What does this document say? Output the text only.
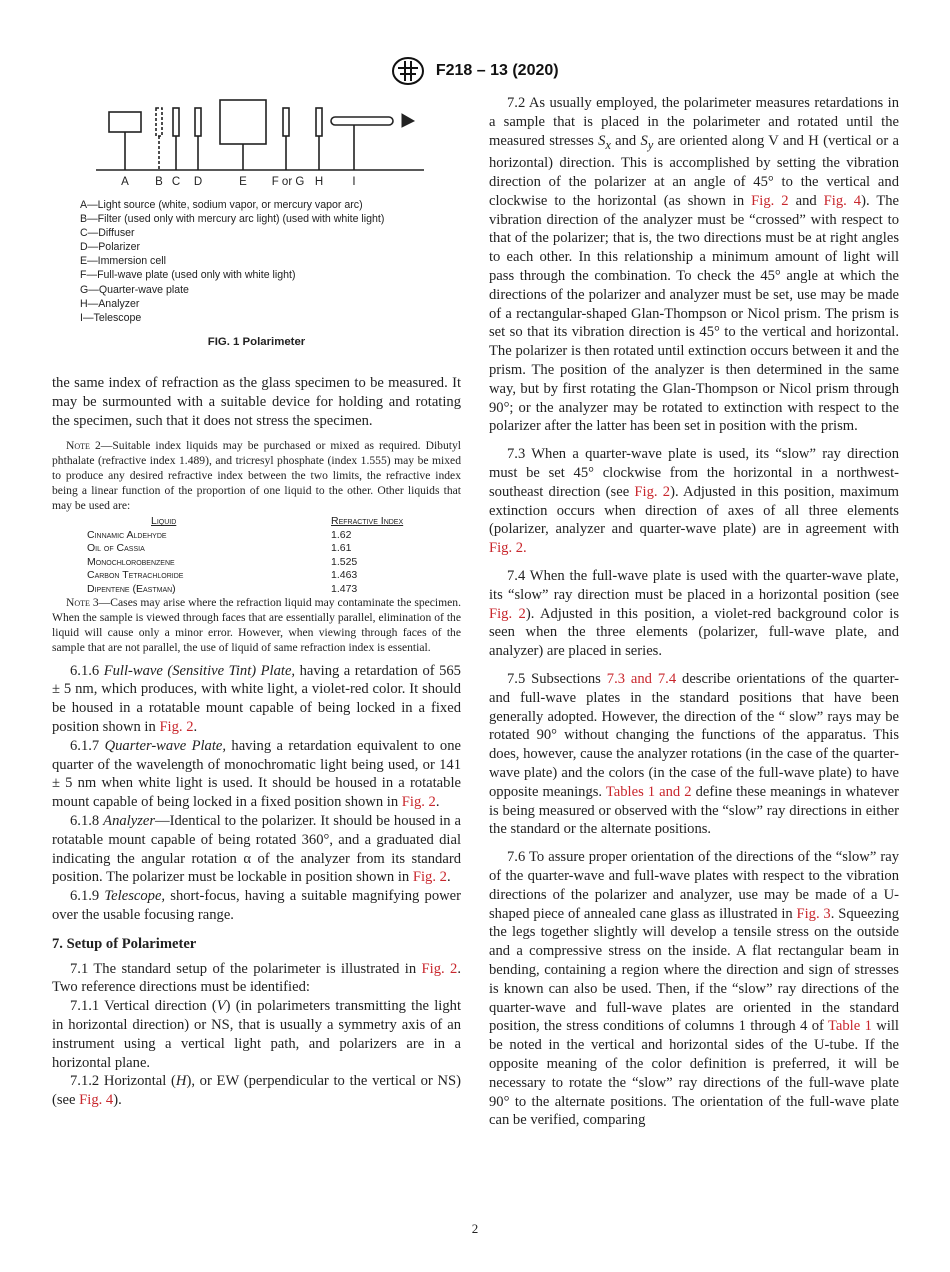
F218 – 13 (2020)
A B C D	E F or G H	I
A—Light source (white, sodium vapor, or mercury vapor arc)
B—Filter (used only with mercury arc light) (used with white light)
C—Diffuser
D—Polarizer
E—Immersion cell
F—Full-wave plate (used only with white light)
G—Quarter-wave plate
H—Analyzer
I—Telescope
FIG. 1 Polarimeter

the same index of refraction as the glass specimen to be measured. It may be surmounted with a suitable device for holding and rotating the specimen, such that it does not stress the specimen.

Note 2—Suitable index liquids may be purchased or mixed as required. Dibutyl phthalate (refractive index 1.489), and tricresyl phosphate (index 1.555) may be mixed to produce any desired refractive index between the two limits, the refractive index being a linear function of the proportion of one liquid to the other. Other liquids that may be used are:

Liquid	Refractive Index
Cinnamic Aldehyde	1.62
Oil of Cassia	1.61
Monochlorobenzene	1.525
Carbon Tetrachloride	1.463
Dipentene (Eastman)	1.473

Note 3—Cases may arise where the refraction liquid may contaminate the specimen. When the sample is viewed through faces that are essentially parallel, elimination of the liquid will cause only a minor error. However, when viewing through faces of the sample that are not parallel, the use of liquid of same refraction index is essential.

6.1.6 Full-wave (Sensitive Tint) Plate, having a retardation of 565 ± 5 nm, which produces, with white light, a violet-red color. It should be housed in a rotatable mount capable of being locked in a fixed position shown in Fig. 2.

6.1.7 Quarter-wave Plate, having a retardation equivalent to one quarter of the wavelength of monochromatic light being used, or 141 ± 5 nm when white light is used. It should be housed in a rotatable mount capable of being locked in a fixed position shown in Fig. 2.

6.1.8 Analyzer—Identical to the polarizer. It should be housed in a rotatable mount capable of being rotated 360°, and a graduated dial indicating the angular rotation α of the analyzer from its standard position. The polarizer must be lockable in position shown in Fig. 2.

6.1.9 Telescope, short-focus, having a suitable magnifying power over the usable focusing range.

7. Setup of Polarimeter

7.1 The standard setup of the polarimeter is illustrated in Fig. 2. Two reference directions must be identified:

7.1.1 Vertical direction (V) (in polarimeters transmitting the light in horizontal direction) or NS, that is usually a symmetry axis of an instrument using a vertical light path, and polarizers are in a horizontal plane.

7.1.2 Horizontal (H), or EW (perpendicular to the vertical or NS) (see Fig. 4).

7.2 As usually employed, the polarimeter measures retardations in a sample that is placed in the polarimeter and rotated until the measured stresses $S_x$ and $S_y$ are oriented along V and H (vertical or a horizontal) direction. This is accomplished by setting the vibration direction of the polarizer at an angle of 45° to the vertical and clockwise to the horizontal (as shown in Fig. 2 and Fig. 4). The vibration direction of the analyzer must be “crossed” with respect to that of the polarizer; that is, the two directions must be at right angles to each other. In this relationship a minimum amount of light will pass through the combination. To check the 45° angle at which the directions of the polarizer and analyzer must be set, use may be made of a rectangular-shaped Glan-Thompson or Nicol prism. The prism is set so that its vibration direction is 45° to the vertical and horizontal. The polarizer is then rotated until extinction occurs between it and the prism. The position of the analyzer is then determined in the same way, but by first rotating the Glan-Thompson or Nicol prism through 90°; or the analyzer may be rotated to extinction with respect to the polarizer after the latter has been set in position with the prism.

7.3 When a quarter-wave plate is used, its “slow” ray direction must be set 45° clockwise from the horizontal in a northwest-southeast direction (see Fig. 2). Adjusted in this position, maximum extinction occurs when direction of axes of all three elements (polarizer, analyzer and quarter-wave plate) are in agreement with Fig. 2.

7.4 When the full-wave plate is used with the quarter-wave plate, its “slow” ray direction must be placed in a horizontal position (see Fig. 2). Adjusted in this position, a violet-red background color is seen when the three elements (polarizer, full-wave plate, and analyzer) are placed in series.

7.5 Subsections 7.3 and 7.4 describe orientations of the quarter- and full-wave plates in the standard positions that have been generally adopted. However, the direction of the “ slow” rays may be rotated 90° without changing the functions of the apparatus. This does, however, cause the analyzer rotations (in the case of the quarter-wave plate) and the colors (in the case of the full-wave plate) to have opposite meanings. Tables 1 and 2 define these meanings in whatever is being measured or observed with the “slow” ray directions in either the standard or the alternate positions.

7.6 To assure proper orientation of the directions of the “slow” ray of the quarter-wave and full-wave plates with respect to the vibration directions of the polarizer and analyzer, use may be made of a U-shaped piece of annealed cane glass as illustrated in Fig. 3. Squeezing the legs together slightly will develop a tensile stress on the outside and a compressive stress on the inside. A flat rectangular beam in bending, containing a region where the direction and sign of stresses is known can also be used. Then, if the “slow” ray directions of the quarter-wave and full-wave plates are oriented in the standard position, the stress conditions of columns 1 through 4 of Table 1 will be noted in the vertical and horizontal sides of the U-tube. If the opposite meaning of the color definition is preferred, it will be necessary to rotate the “slow” ray directions of the full-wave plate 90° to the alternate positions. The orientation of the full-wave plate can be verified, comparing

2
